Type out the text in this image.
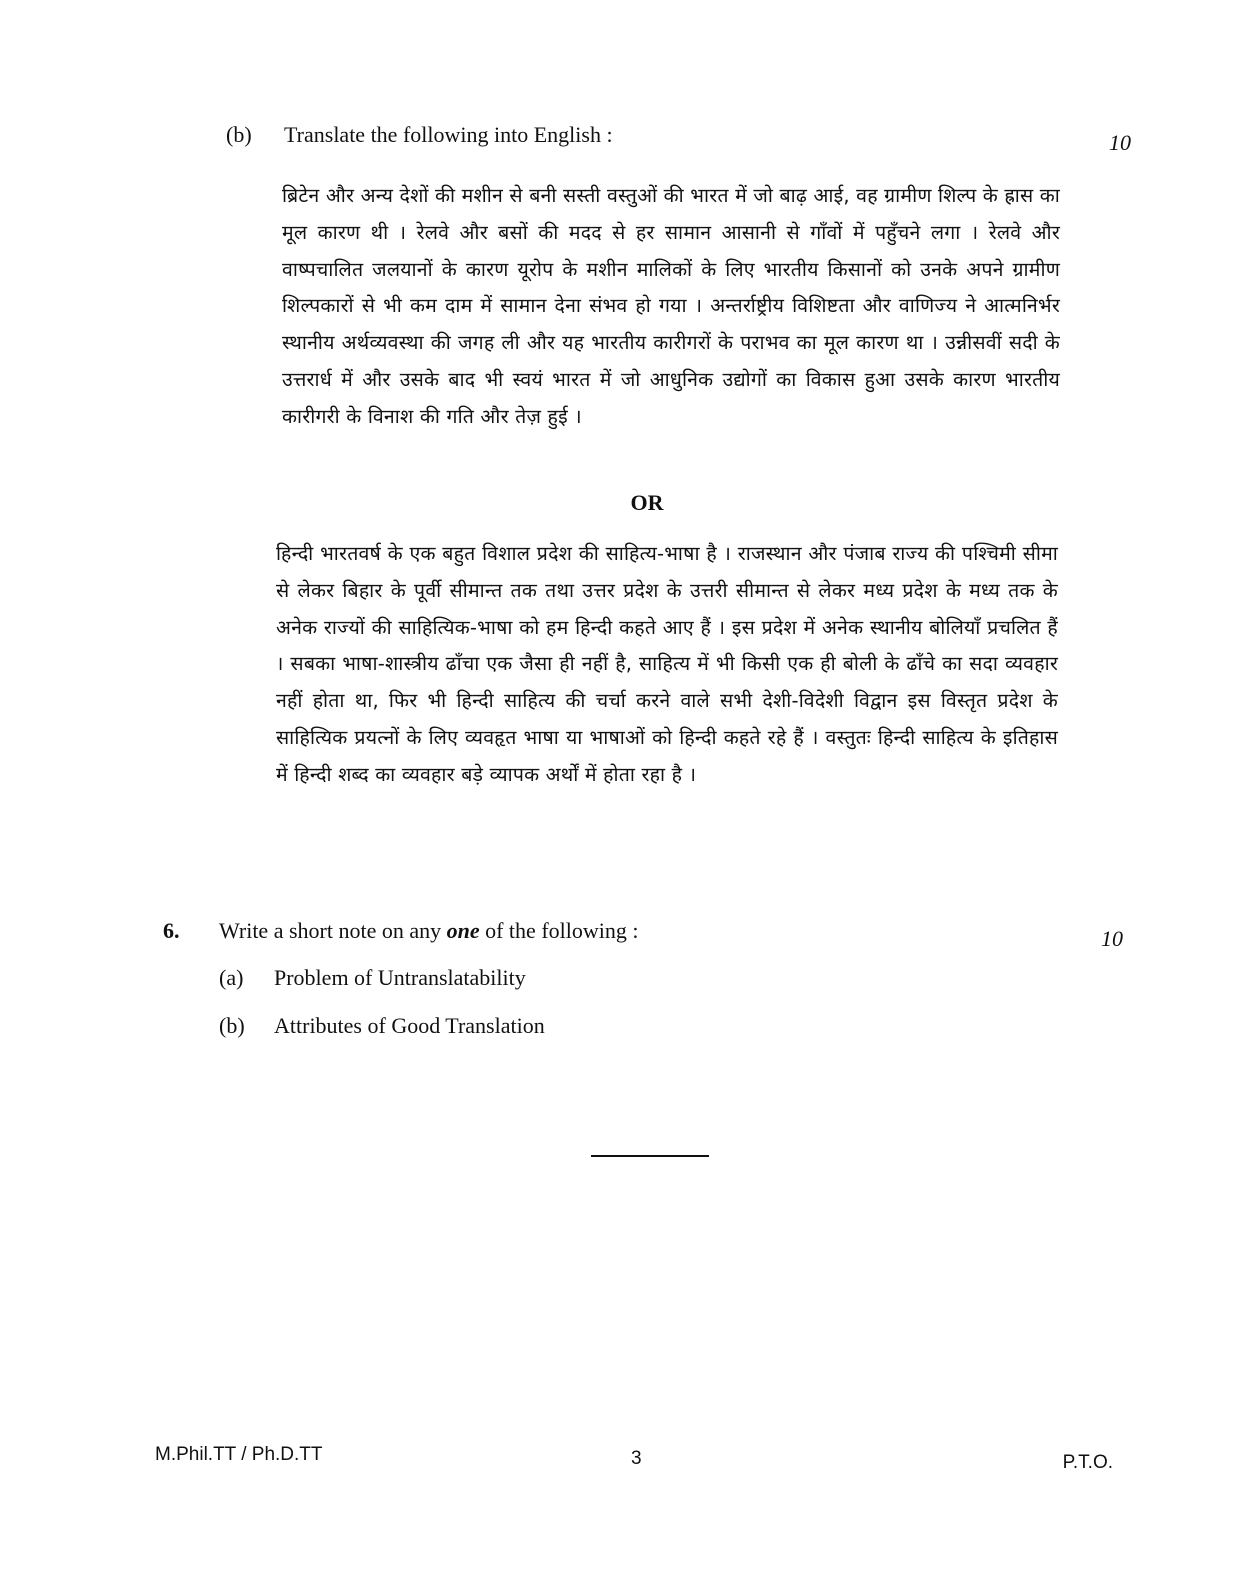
(b) Translate the following into English :	10
ब्रिटेन और अन्य देशों की मशीन से बनी सस्ती वस्तुओं की भारत में जो बाढ़ आई, वह ग्रामीण शिल्प के ह्रास का मूल कारण थी । रेलवे और बसों की मदद से हर सामान आसानी से गाँवों में पहुँचने लगा । रेलवे और वाष्पचालित जलयानों के कारण यूरोप के मशीन मालिकों के लिए भारतीय किसानों को उनके अपने ग्रामीण शिल्पकारों से भी कम दाम में सामान देना संभव हो गया । अन्तर्राष्ट्रीय विशिष्टता और वाणिज्य ने आत्मनिर्भर स्थानीय अर्थव्यवस्था की जगह ली और यह भारतीय कारीगरों के पराभव का मूल कारण था । उन्नीसवीं सदी के उत्तरार्ध में और उसके बाद भी स्वयं भारत में जो आधुनिक उद्योगों का विकास हुआ उसके कारण भारतीय कारीगरी के विनाश की गति और तेज़ हुई ।
OR
हिन्दी भारतवर्ष के एक बहुत विशाल प्रदेश की साहित्य-भाषा है । राजस्थान और पंजाब राज्य की पश्चिमी सीमा से लेकर बिहार के पूर्वी सीमान्त तक तथा उत्तर प्रदेश के उत्तरी सीमान्त से लेकर मध्य प्रदेश के मध्य तक के अनेक राज्यों की साहित्यिक-भाषा को हम हिन्दी कहते आए हैं । इस प्रदेश में अनेक स्थानीय बोलियाँ प्रचलित हैं । सबका भाषा-शास्त्रीय ढाँचा एक जैसा ही नहीं है, साहित्य में भी किसी एक ही बोली के ढाँचे का सदा व्यवहार नहीं होता था, फिर भी हिन्दी साहित्य की चर्चा करने वाले सभी देशी-विदेशी विद्वान इस विस्तृत प्रदेश के साहित्यिक प्रयत्नों के लिए व्यवहृत भाषा या भाषाओं को हिन्दी कहते रहे हैं । वस्तुतः हिन्दी साहित्य के इतिहास में हिन्दी शब्द का व्यवहार बड़े व्यापक अर्थों में होता रहा है ।
6. Write a short note on any one of the following :	10
(a) Problem of Untranslatability
(b) Attributes of Good Translation
M.Phil.TT / Ph.D.TT	3	P.T.O.
